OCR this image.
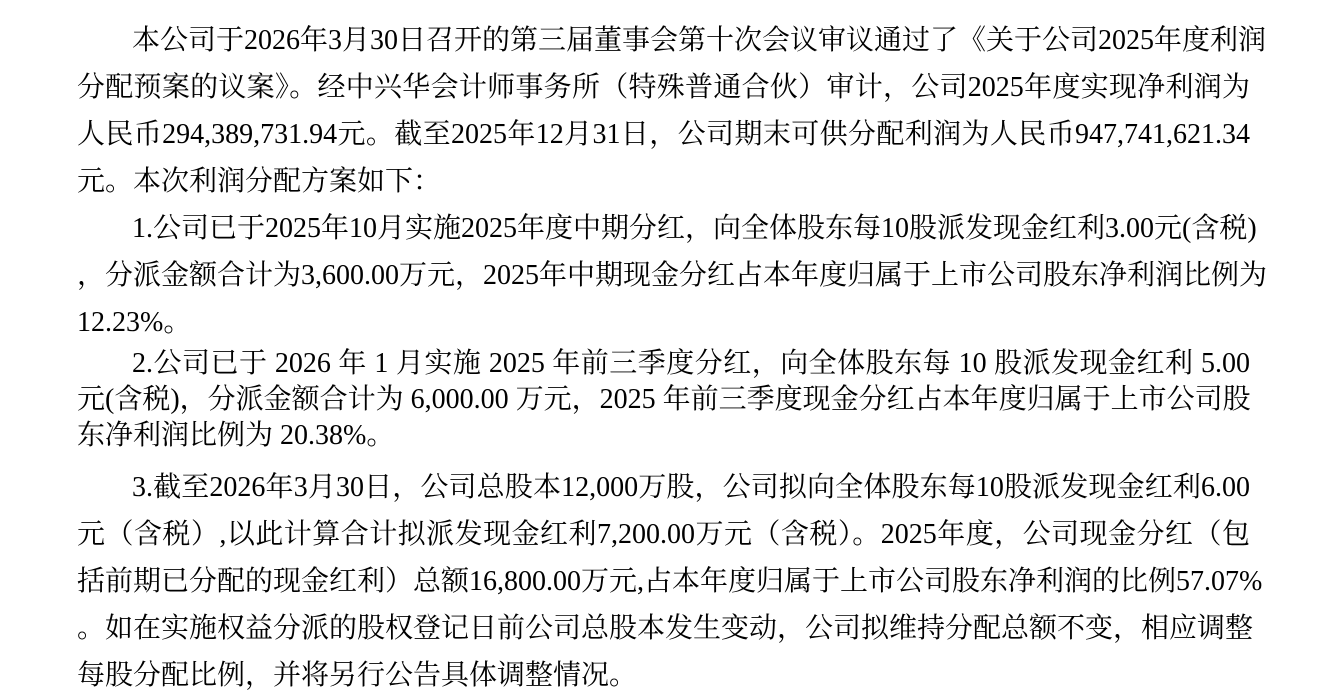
本公司于2026年3月30日召开的第三届董事会第十次会议审议通过了《关于公司2025年度利润
分配预案的议案》。经中兴华会计师事务所（特殊普通合伙）审计，公司2025年度实现净利润为
人民币294,389,731.94元。截至2025年12月31日，公司期末可供分配利润为人民币947,741,621.34
元。本次利润分配方案如下：
1.公司已于2025年10月实施2025年度中期分红，向全体股东每10股派发现金红利3.00元(含税)
，分派金额合计为3,600.00万元，2025年中期现金分红占本年度归属于上市公司股东净利润比例为
12.23%。
2.公司已于 2026 年 1 月实施 2025 年前三季度分红，向全体股东每 10 股派发现金红利 5.00
元(含税)，分派金额合计为 6,000.00 万元，2025 年前三季度现金分红占本年度归属于上市公司股
东净利润比例为 20.38%。
3.截至2026年3月30日，公司总股本12,000万股，公司拟向全体股东每10股派发现金红利6.00
元（含税）,以此计算合计拟派发现金红利7,200.00万元（含税）。2025年度，公司现金分红（包
括前期已分配的现金红利）总额16,800.00万元,占本年度归属于上市公司股东净利润的比例57.07%
。如在实施权益分派的股权登记日前公司总股本发生变动，公司拟维持分配总额不变，相应调整
每股分配比例，并将另行公告具体调整情况。
